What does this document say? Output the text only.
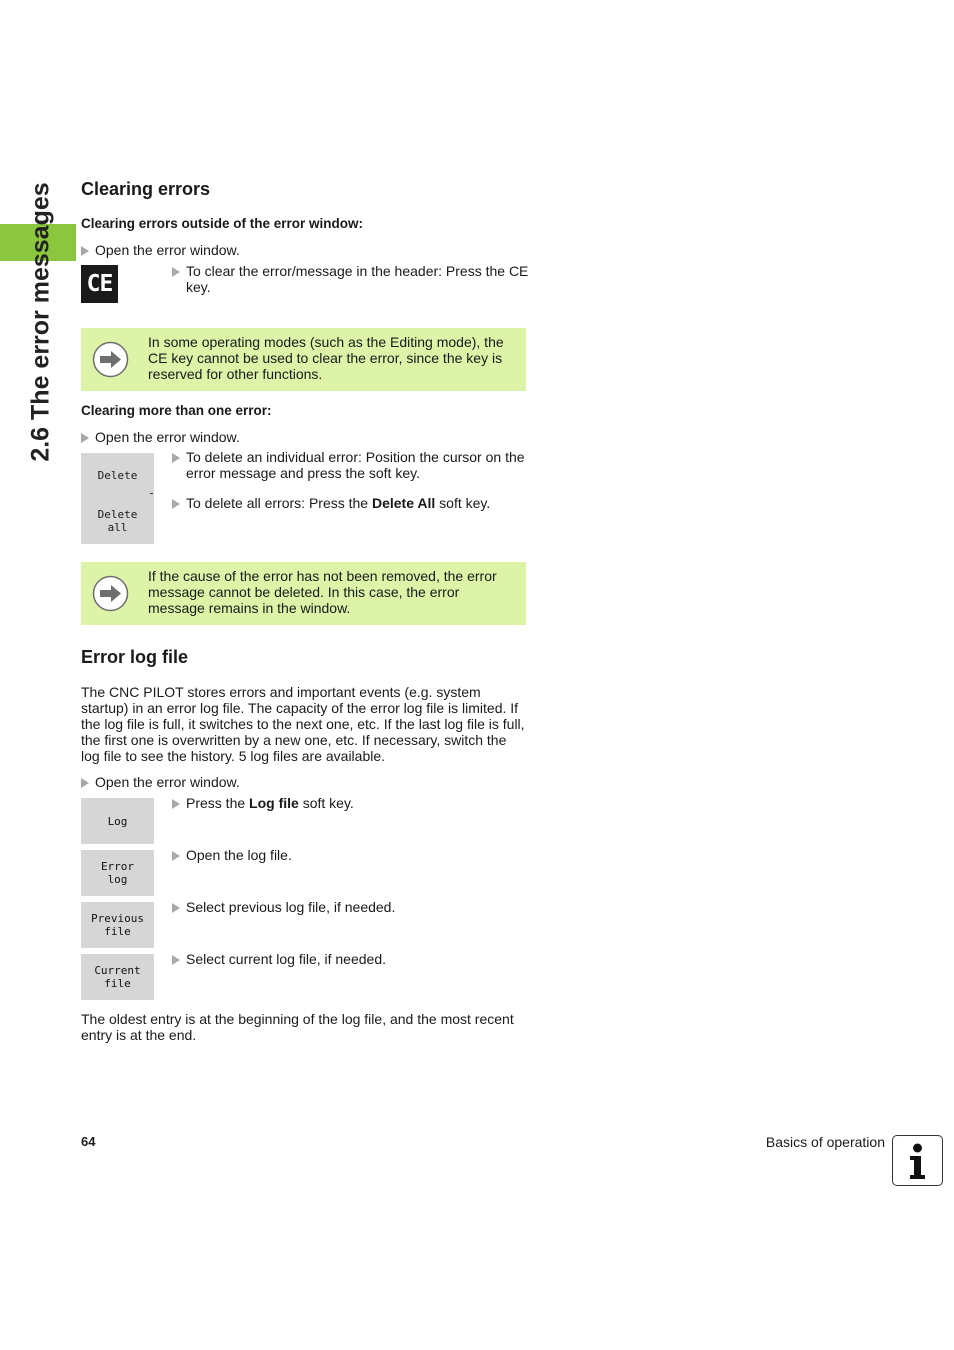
2.6 The error messages Clearing errors
Clearing errors outside of the error window:
Open the error window.
CE	To clear the error/message in the header: Press the CE key.
In some operating modes (such as the Editing mode), the CE key cannot be used to clear the error, since the key is reserved for other functions.
Clearing more than one error:
Open the error window.
Delete
Delete
all
To delete an individual error: Position the cursor on the error message and press the soft key.
To delete all errors: Press the Delete All soft key.
If the cause of the error has not been removed, the error message cannot be deleted. In this case, the error message remains in the window.
Error log file
The CNC PILOT stores errors and important events (e.g. system startup) in an error log file. The capacity of the error log file is limited. If the log file is full, it switches to the next one, etc. If the last log file is full, the first one is overwritten by a new one, etc. If necessary, switch the log file to see the history. 5 log files are available.
Open the error window.
Log
Press the Log file soft key.
Error
log
Open the log file.
Previous
file
Select previous log file, if needed.
Current
file
Select current log file, if needed.
The oldest entry is at the beginning of the log file, and the most recent entry is at the end.
64	Basics of operation
